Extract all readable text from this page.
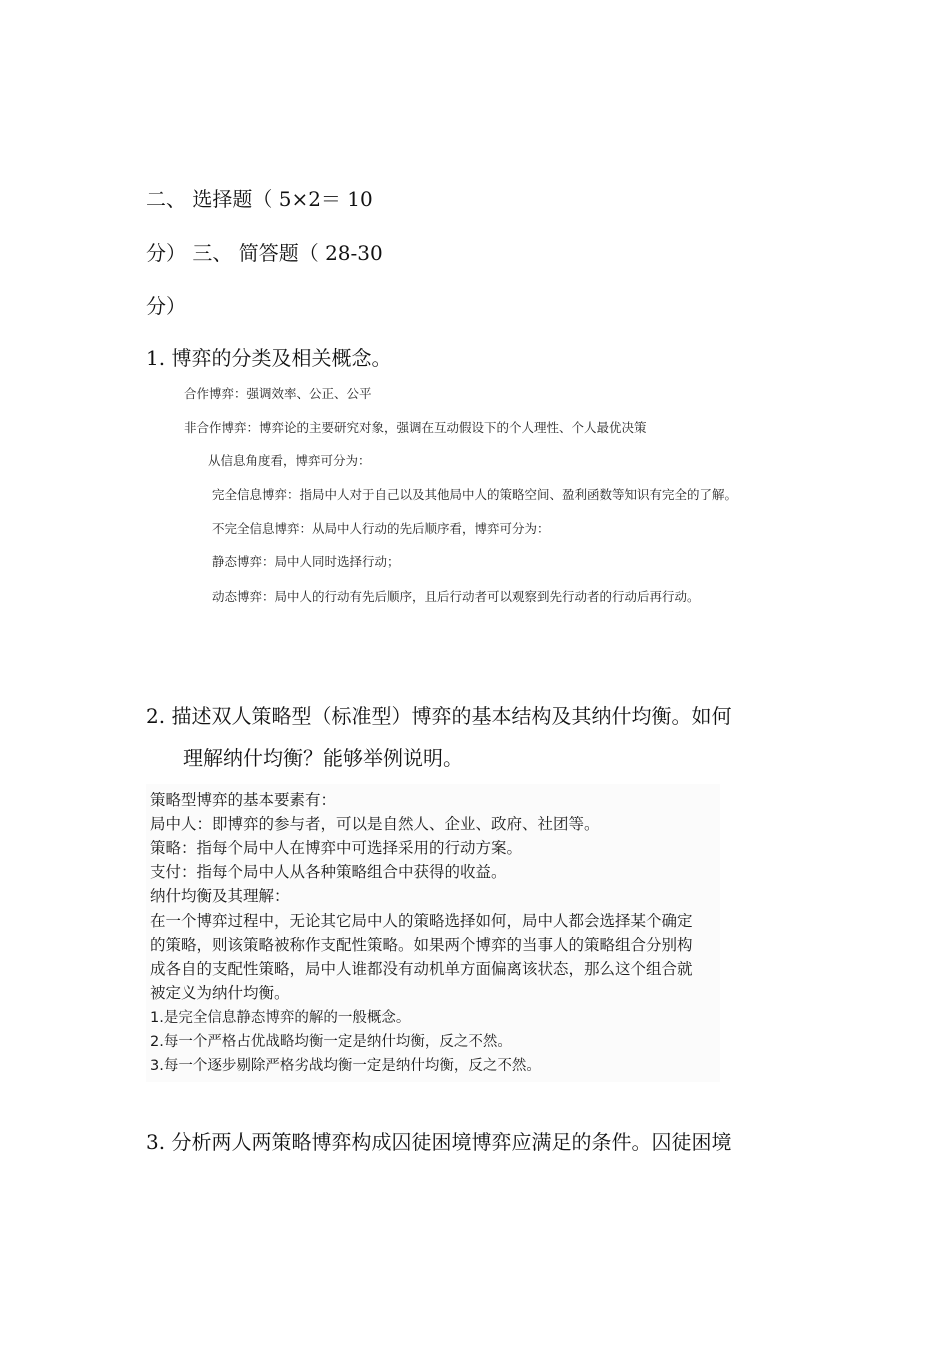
二、 选择题（ 5×2＝ 10
分） 三、 简答题（ 28-30
分）
1. 博弈的分类及相关概念。
合作博弈：强调效率、公正、公平
非合作博弈：博弈论的主要研究对象，强调在互动假设下的个人理性、个人最优决策
从信息角度看，博弈可分为：
完全信息博弈：指局中人对于自己以及其他局中人的策略空间、盈利函数等知识有完全的了解。
不完全信息博弈：从局中人行动的先后顺序看，博弈可分为：
静态博弈：局中人同时选择行动；
动态博弈：局中人的行动有先后顺序，且后行动者可以观察到先行动者的行动后再行动。
2. 描述双人策略型（标准型）博弈的基本结构及其纳什均衡。如何
理解纳什均衡？能够举例说明。
策略型博弈的基本要素有：
局中人：即博弈的参与者，可以是自然人、企业、政府、社团等。
策略：指每个局中人在博弈中可选择采用的行动方案。
支付：指每个局中人从各种策略组合中获得的收益。
纳什均衡及其理解：
在一个博弈过程中，无论其它局中人的策略选择如何，局中人都会选择某个确定
的策略，则该策略被称作支配性策略。如果两个博弈的当事人的策略组合分别构
成各自的支配性策略，局中人谁都没有动机单方面偏离该状态，那么这个组合就
被定义为纳什均衡。
1.是完全信息静态博弈的解的一般概念。
2.每一个严格占优战略均衡一定是纳什均衡，反之不然。
3.每一个逐步剔除严格劣战均衡一定是纳什均衡，反之不然。
3. 分析两人两策略博弈构成囚徒困境博弈应满足的条件。囚徒困境
